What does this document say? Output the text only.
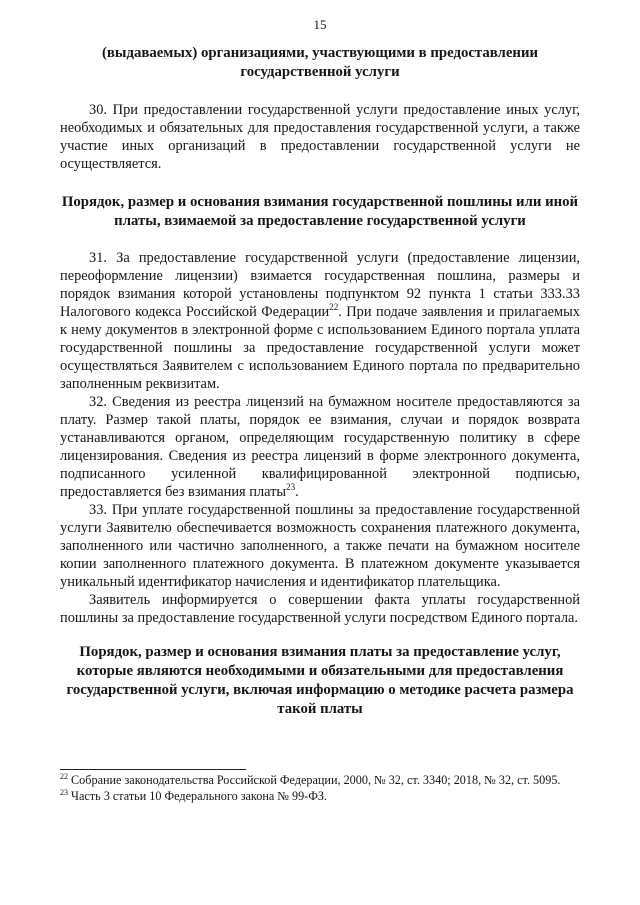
15

(выдаваемых) организациями, участвующими в предоставлении государственной услуги

30. При предоставлении государственной услуги предоставление иных услуг, необходимых и обязательных для предоставления государственной услуги, а также участие иных организаций в предоставлении государственной услуги не осуществляется.

Порядок, размер и основания взимания государственной пошлины или иной платы, взимаемой за предоставление государственной услуги

31. За предоставление государственной услуги (предоставление лицензии, переоформление лицензии) взимается государственная пошлина, размеры и порядок взимания которой установлены подпунктом 92 пункта 1 статьи 333.33 Налогового кодекса Российской Федерации$^{22}$. При подаче заявления и прилагаемых к нему документов в электронной форме с использованием Единого портала уплата государственной пошлины за предоставление государственной услуги может осуществляться Заявителем с использованием Единого портала по предварительно заполненным реквизитам.

32. Сведения из реестра лицензий на бумажном носителе предоставляются за плату. Размер такой платы, порядок ее взимания, случаи и порядок возврата устанавливаются органом, определяющим государственную политику в сфере лицензирования. Сведения из реестра лицензий в форме электронного документа, подписанного усиленной квалифицированной электронной подписью, предоставляется без взимания платы$^{23}$.

33. При уплате государственной пошлины за предоставление государственной услуги Заявителю обеспечивается возможность сохранения платежного документа, заполненного или частично заполненного, а также печати на бумажном носителе копии заполненного платежного документа. В платежном документе указывается уникальный идентификатор начисления и идентификатор плательщика.

Заявитель информируется о совершении факта уплаты государственной пошлины за предоставление государственной услуги посредством Единого портала.

Порядок, размер и основания взимания платы за предоставление услуг, которые являются необходимыми и обязательными для предоставления государственной услуги, включая информацию о методике расчета размера такой платы

$^{22}$ Собрание законодательства Российской Федерации, 2000, № 32, ст. 3340; 2018, № 32, ст. 5095.

$^{23}$ Часть 3 статьи 10 Федерального закона № 99-ФЗ.
